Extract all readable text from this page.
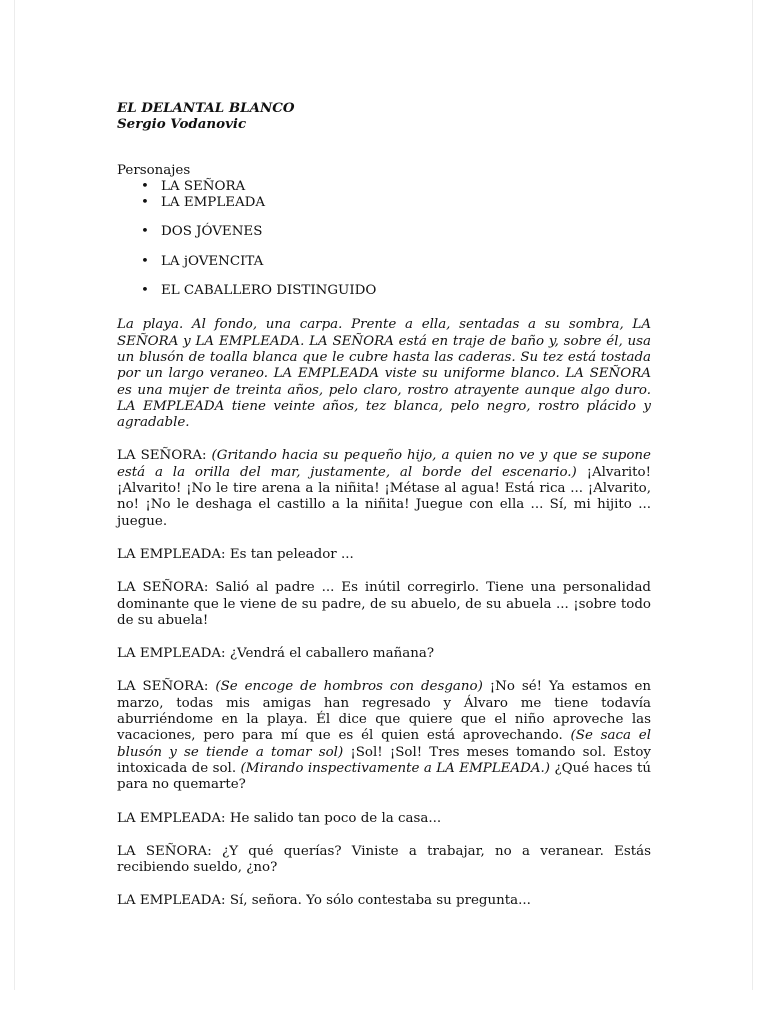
EL DELANTAL BLANCO

Sergio Vodanovic

Personajes

• LA SEÑORA
• LA EMPLEADA
• DOS JÓVENES
• LA jOVENCITA
• EL CABALLERO DISTINGUIDO

La playa. Al fondo, una carpa. Prente a ella, sentadas a su sombra, LA SEÑORA y LA EMPLEADA. LA SEÑORA está en traje de baño y, sobre él, usa un blusón de toalla blanca que le cubre hasta las caderas. Su tez está tostada por un largo veraneo. LA EMPLEADA viste su uniforme blanco. LA SEÑORA es una mujer de treinta años, pelo claro, rostro atrayente aunque algo duro. LA EMPLEADA tiene veinte años, tez blanca, pelo negro, rostro plácido y agradable.

LA SEÑORA: (Gritando hacia su pequeño hijo, a quien no ve y que se supone está a la orilla del mar, justamente, al borde del escenario.) ¡Alvarito! ¡Alvarito! ¡No le tire arena a la niñita! ¡Métase al agua! Está rica ... ¡Alvarito, no! ¡No le deshaga el castillo a la niñita! Juegue con ella ... Sí, mi hijito ... juegue.

LA EMPLEADA: Es tan peleador ...

LA SEÑORA: Salió al padre ... Es inútil corregirlo. Tiene una personalidad dominante que le viene de su padre, de su abuelo, de su abuela ... ¡sobre todo de su abuela!

LA EMPLEADA: ¿Vendrá el caballero mañana?

LA SEÑORA: (Se encoge de hombros con desgano) ¡No sé! Ya estamos en marzo, todas mis amigas han regresado y Álvaro me tiene todavía aburriéndome en la playa. Él dice que quiere que el niño aproveche las vacaciones, pero para mí que es él quien está aprovechando. (Se saca el blusón y se tiende a tomar sol) ¡Sol! ¡Sol! Tres meses tomando sol. Estoy intoxicada de sol. (Mirando inspectivamente a LA EMPLEADA.) ¿Qué haces tú para no quemarte?

LA EMPLEADA: He salido tan poco de la casa...

LA SEÑORA: ¿Y qué querías? Viniste a trabajar, no a veranear. Estás recibiendo sueldo, ¿no?

LA EMPLEADA: Sí, señora. Yo sólo contestaba su pregunta...
